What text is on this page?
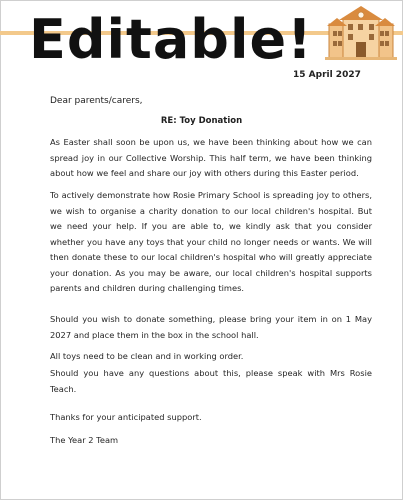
Editable!
15 April 2027
Dear parents/carers,
RE: Toy Donation
As Easter shall soon be upon us, we have been thinking about how we can spread joy in our Collective Worship. This half term, we have been thinking about how we feel and share our joy with others during this Easter period.
To actively demonstrate how Rosie Primary School is spreading joy to others, we wish to organise a charity donation to our local children's hospital. But we need your help. If you are able to, we kindly ask that you consider whether you have any toys that your child no longer needs or wants. We will then donate these to our local children's hospital who will greatly appreciate your donation. As you may be aware, our local children's hospital supports parents and children during challenging times.
Should you wish to donate something, please bring your item in on 1 May 2027 and place them in the box in the school hall.
All toys need to be clean and in working order.
Should you have any questions about this, please speak with Mrs Rosie Teach.
Thanks for your anticipated support.
The Year 2 Team
